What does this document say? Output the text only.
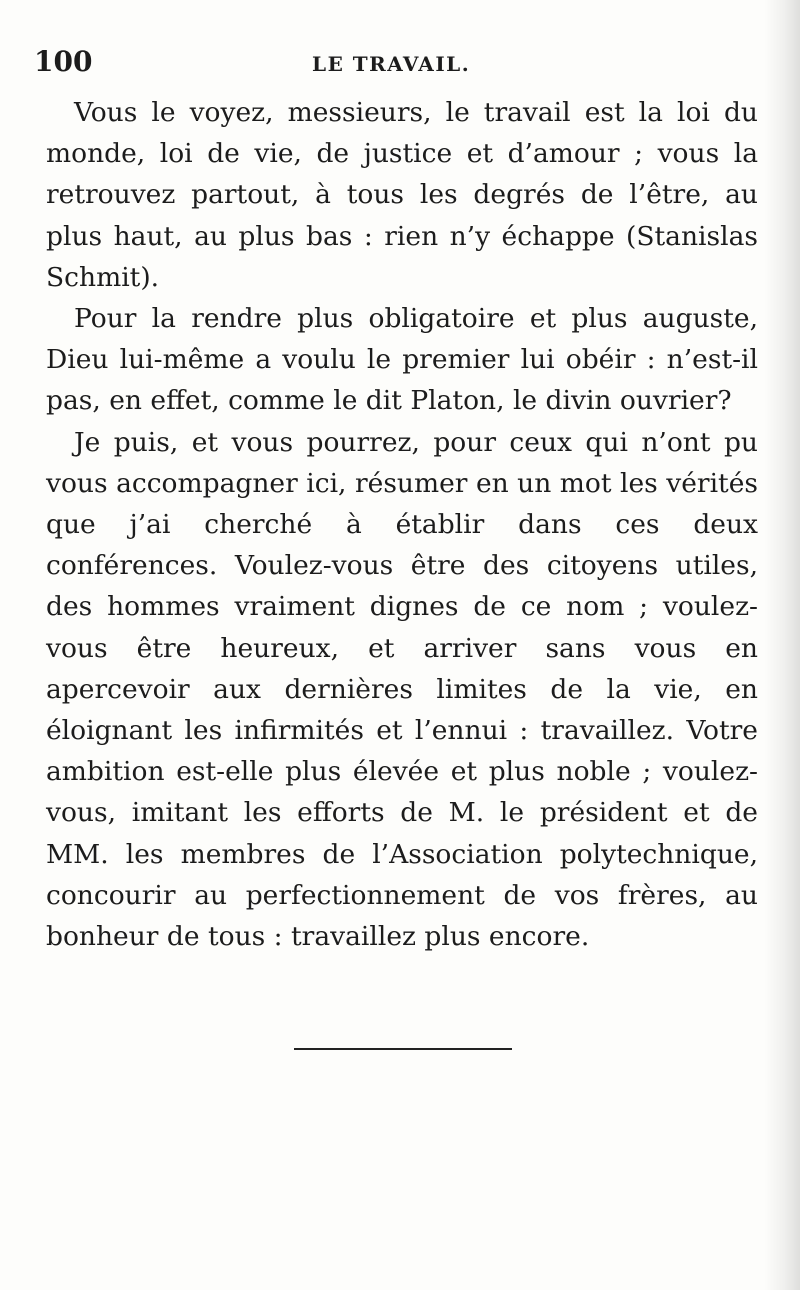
100	LE TRAVAIL.

Vous le voyez, messieurs, le travail est la loi du monde, loi de vie, de justice et d’amour ; vous la retrouvez partout, à tous les degrés de l’être, au plus haut, au plus bas : rien n’y échappe (Stanislas Schmit).

Pour la rendre plus obligatoire et plus auguste, Dieu lui-même a voulu le premier lui obéir : n’est-il pas, en effet, comme le dit Platon, le divin ouvrier?

Je puis, et vous pourrez, pour ceux qui n’ont pu vous accompagner ici, résumer en un mot les vérités que j’ai cherché à établir dans ces deux conférences. Voulez-vous être des citoyens utiles, des hommes vraiment dignes de ce nom ; voulez-vous être heureux, et arriver sans vous en apercevoir aux dernières limites de la vie, en éloignant les infirmités et l’ennui : travaillez. Votre ambition est-elle plus élevée et plus noble ; voulez-vous, imitant les efforts de M. le président et de MM. les membres de l’Association polytechnique, concourir au perfectionnement de vos frères, au bonheur de tous : travaillez plus encore.
